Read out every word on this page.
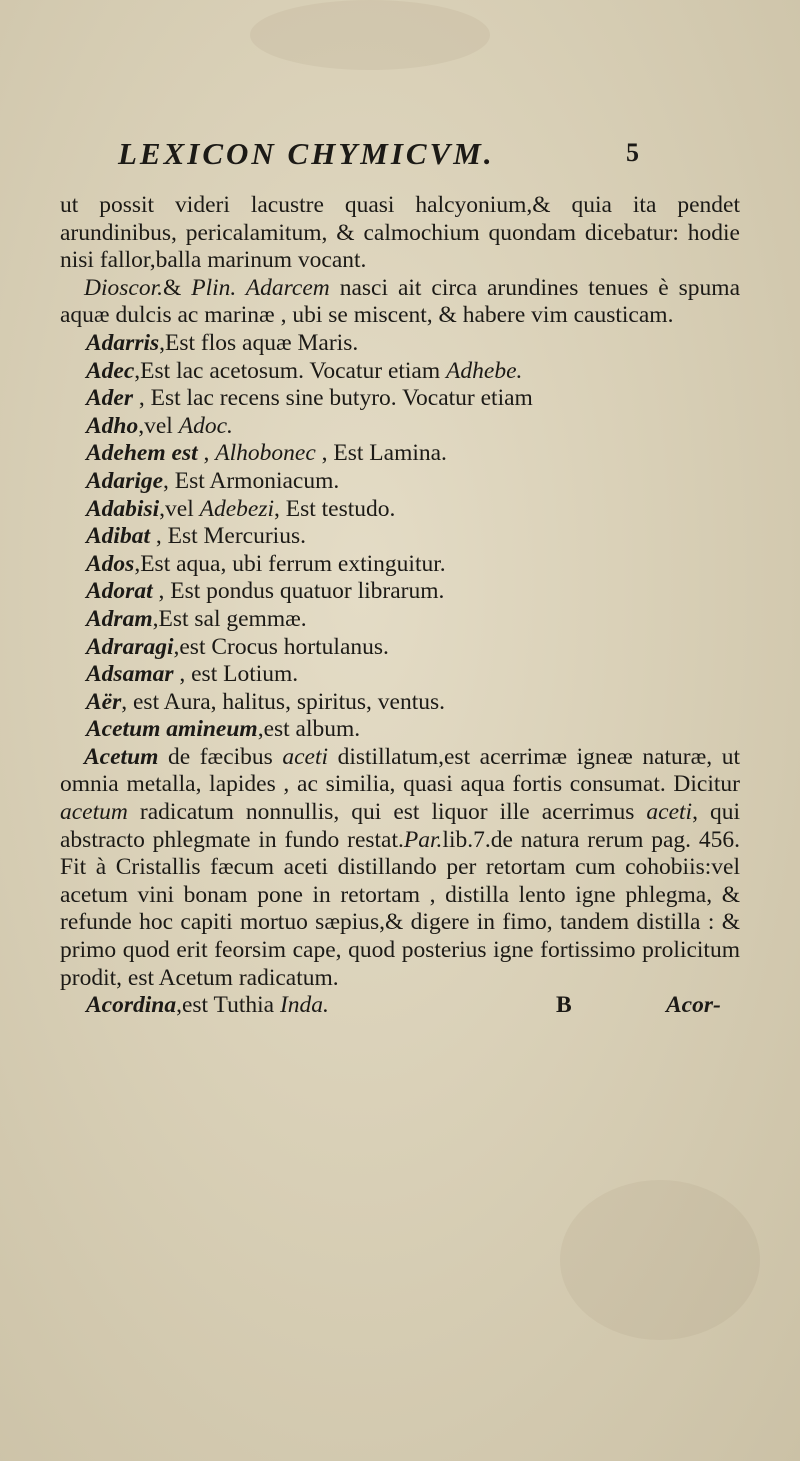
LEXICON CHYMICVM.	5

ut possit videri lacustre quasi halcyonium,& quia ita pendet arundinibus, pericalamitum, & calmochium quondam dicebatur: hodie nisi fallor,balla marinum vocant.

Dioscor.& Plin. Adarcem nasci ait circa arundines tenues è spuma aquæ dulcis ac marinæ , ubi se miscent, & habere vim causticam.

Adarris,Est flos aquæ Maris.

Adec,Est lac acetosum. Vocatur etiam Adhebe.

Ader , Est lac recens sine butyro. Vocatur etiam

Adho,vel Adoc.

Adehem est , Alhobonec , Est Lamina.

Adarige, Est Armoniacum.

Adabisi,vel Adebezi, Est testudo.

Adibat , Est Mercurius.

Ados,Est aqua, ubi ferrum extinguitur.

Adorat , Est pondus quatuor librarum.

Adram,Est sal gemmæ.

Adraragi,est Crocus hortulanus.

Adsamar , est Lotium.

Aër, est Aura, halitus, spiritus, ventus.

Acetum amineum,est album.

Acetum de fæcibus aceti distillatum,est acerrimæ igneæ naturæ, ut omnia metalla, lapides , ac similia, quasi aqua fortis consumat. Dicitur acetum radicatum nonnullis, qui est liquor ille acerrimus aceti, qui abstracto phlegmate in fundo restat.Par.lib.7.de natura rerum pag. 456. Fit à Cristallis fæcum aceti distillando per retortam cum cohobiis:vel acetum vini bonam pone in retortam , distilla lento igne phlegma, & refunde hoc capiti mortuo sæpius,& digere in fimo, tandem distilla : & primo quod erit feorsim cape, quod posterius igne fortissimo prolicitum prodit, est Acetum radicatum.

Acordina,est Tuthia Inda.	B	Acor-
